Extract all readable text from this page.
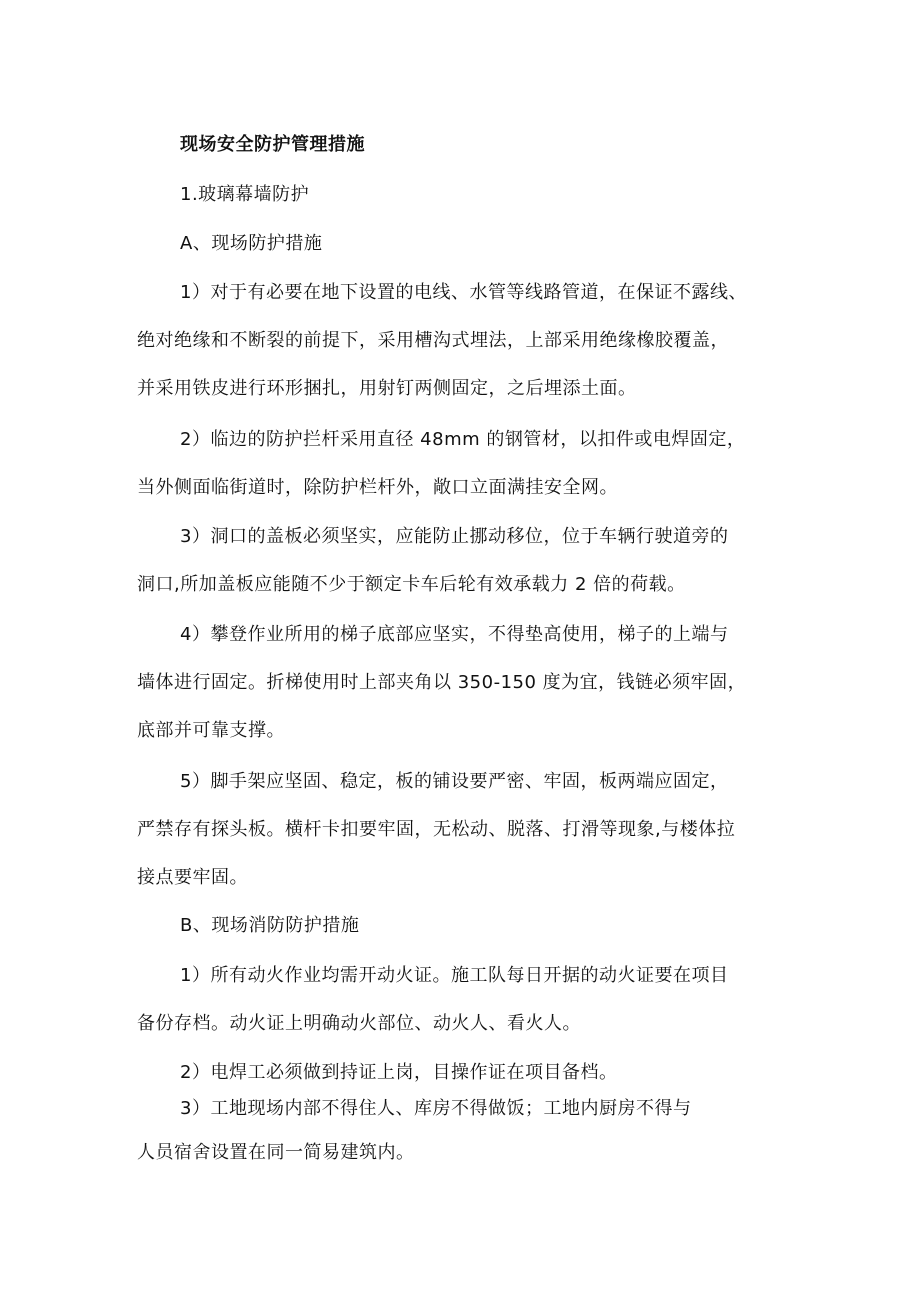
现场安全防护管理措施
1.玻璃幕墙防护
A、现场防护措施
1）对于有必要在地下设置的电线、水管等线路管道，在保证不露线、
绝对绝缘和不断裂的前提下，采用槽沟式埋法，上部采用绝缘橡胶覆盖，
并采用铁皮进行环形捆扎，用射钉两侧固定，之后埋添土面。
2）临边的防护拦杆采用直径 48mm 的钢管材，以扣件或电焊固定，
当外侧面临街道时，除防护栏杆外，敞口立面满挂安全网。
3）洞口的盖板必须坚实，应能防止挪动移位，位于车辆行驶道旁的
洞口,所加盖板应能随不少于额定卡车后轮有效承载力 2 倍的荷载。
4）攀登作业所用的梯子底部应坚实，不得垫高使用，梯子的上端与
墙体进行固定。折梯使用时上部夹角以 350-150 度为宜，钱链必须牢固，
底部并可靠支撑。
5）脚手架应坚固、稳定，板的铺设要严密、牢固，板两端应固定，
严禁存有探头板。横杆卡扣要牢固，无松动、脱落、打滑等现象,与楼体拉
接点要牢固。
B、现场消防防护措施
1）所有动火作业均需开动火证。施工队每日开据的动火证要在项目
备份存档。动火证上明确动火部位、动火人、看火人。
2）电焊工必须做到持证上岗，目操作证在项目备档。
3）工地现场内部不得住人、库房不得做饭；工地内厨房不得与
人员宿舍设置在同一简易建筑内。
